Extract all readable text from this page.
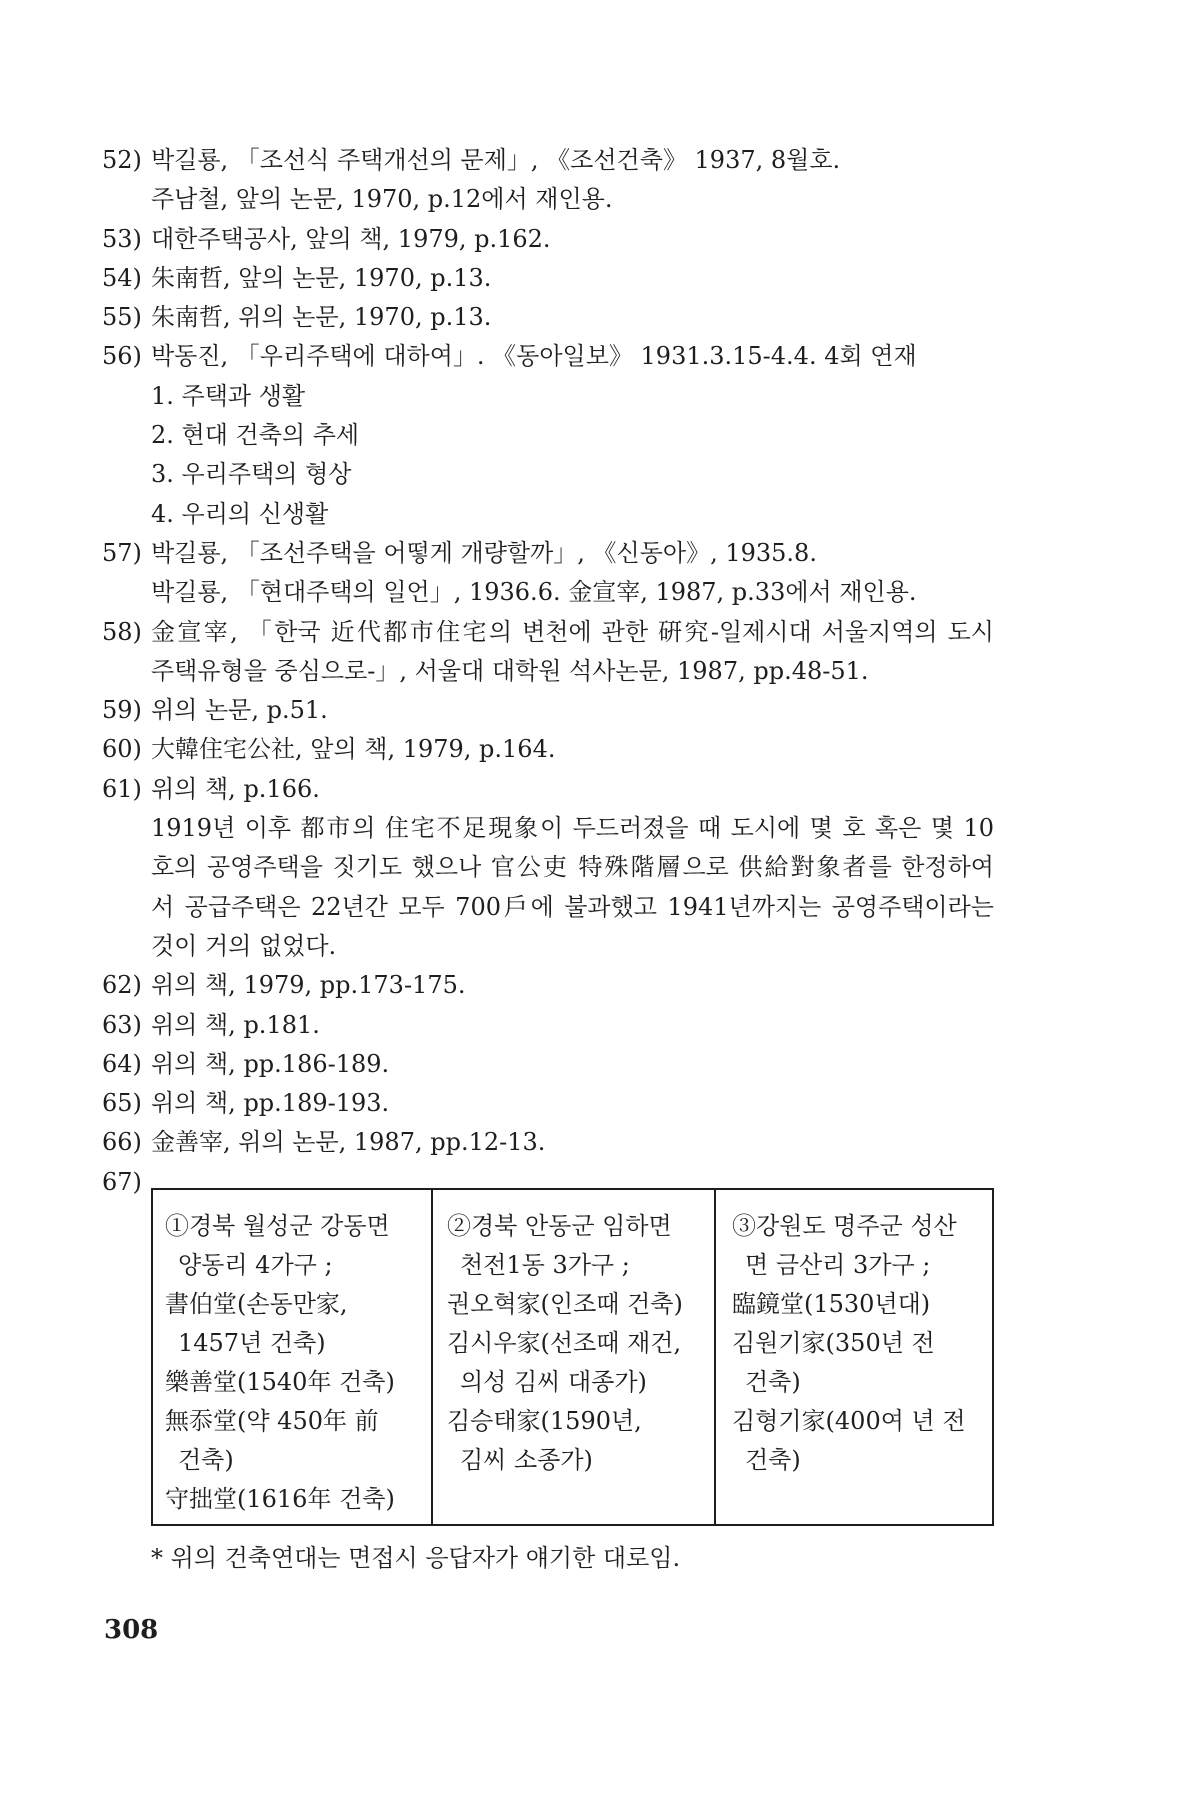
52) 박길룡, 「조선식 주택개선의 문제」, 《조선건축》 1937, 8월호.
주남철, 앞의 논문, 1970, p.12에서 재인용.
53) 대한주택공사, 앞의 책, 1979, p.162.
54) 朱南哲, 앞의 논문, 1970, p.13.
55) 朱南哲, 위의 논문, 1970, p.13.
56) 박동진, 「우리주택에 대하여」. 《동아일보》 1931.3.15-4.4. 4회 연재
1. 주택과 생활
2. 현대 건축의 추세
3. 우리주택의 형상
4. 우리의 신생활
57) 박길룡, 「조선주택을 어떻게 개량할까」, 《신동아》, 1935.8.
박길룡, 「현대주택의 일언」, 1936.6. 金宣宰, 1987, p.33에서 재인용.
58) 金宣宰, 「한국 近代都市住宅의 변천에 관한 硏究-일제시대 서울지역의 도시
주택유형을 중심으로-」, 서울대 대학원 석사논문, 1987, pp.48-51.
59) 위의 논문, p.51.
60) 大韓住宅公社, 앞의 책, 1979, p.164.
61) 위의 책, p.166.
1919년 이후 都市의 住宅不足現象이 두드러졌을 때 도시에 몇 호 혹은 몇 10
호의 공영주택을 짓기도 했으나 官公吏 特殊階層으로 供給對象者를 한정하여
서 공급주택은 22년간 모두 700戶에 불과했고 1941년까지는 공영주택이라는
것이 거의 없었다.
62) 위의 책, 1979, pp.173-175.
63) 위의 책, p.181.
64) 위의 책, pp.186-189.
65) 위의 책, pp.189-193.
66) 金善宰, 위의 논문, 1987, pp.12-13.
67)
①경북 월성군 강동면
양동리 4가구 ;
書伯堂(손동만家,
1457년 건축)
樂善堂(1540年 건축)
無忝堂(약 450年 前
건축)
守拙堂(1616年 건축)
②경북 안동군 임하면
천전1동 3가구 ;
권오혁家(인조때 건축)
김시우家(선조때 재건,
의성 김씨 대종가)
김승태家(1590년,
김씨 소종가)
③강원도 명주군 성산
면 금산리 3가구 ;
臨鏡堂(1530년대)
김원기家(350년 전
건축)
김형기家(400여 년 전
건축)
* 위의 건축연대는 면접시 응답자가 얘기한 대로임.
308
